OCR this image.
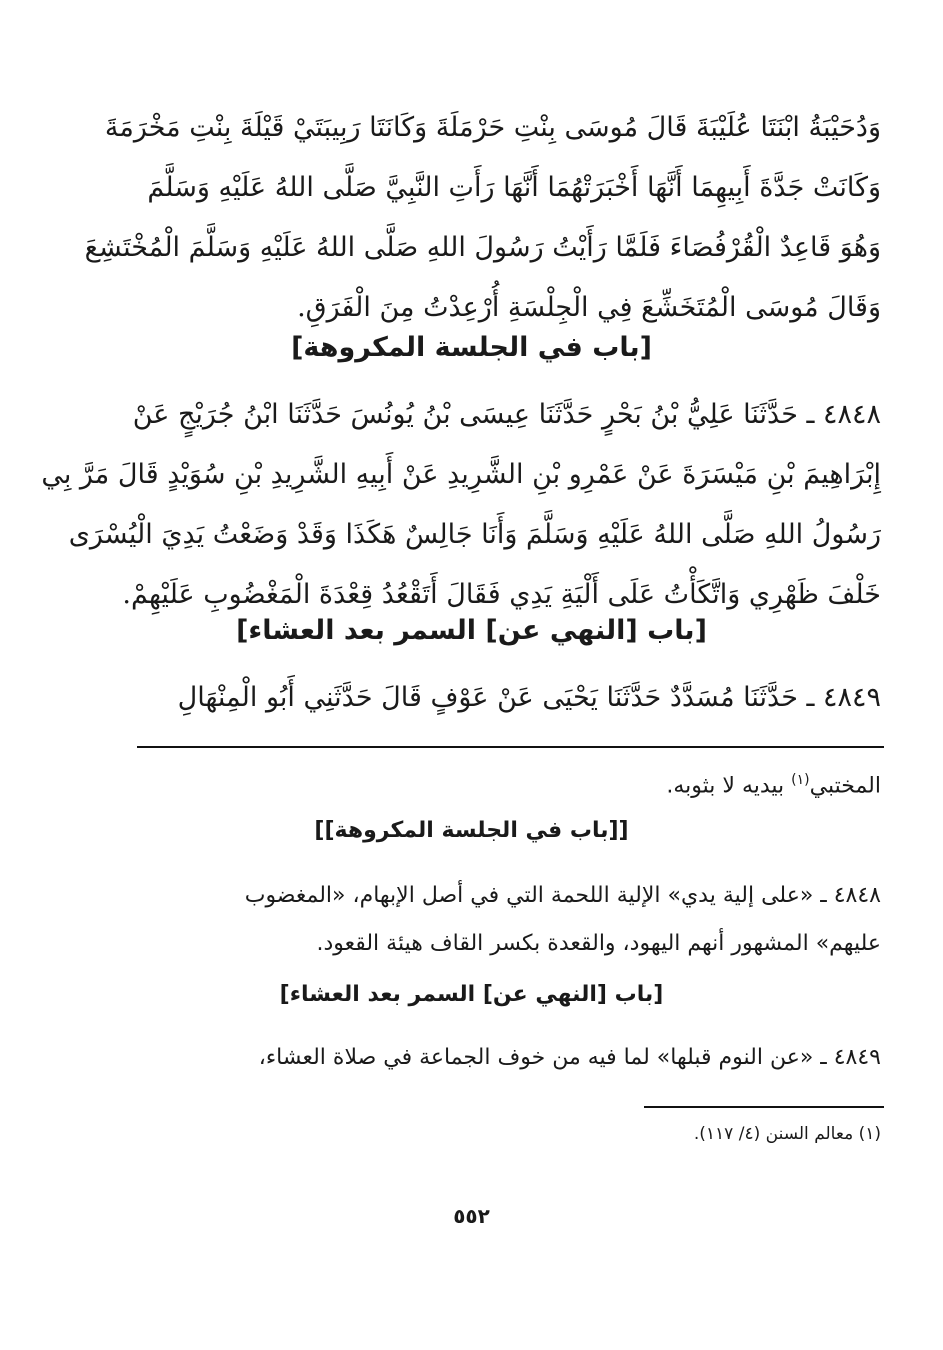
وَدُحَيْبَةُ ابْنَتَا عُلَيْبَةَ قَالَ مُوسَى بِنْتِ حَرْمَلَةَ وَكَانَتَا رَبِيبَتَيْ قَيْلَةَ بِنْتِ مَخْرَمَةَ
وَكَانَتْ جَدَّةَ أَبِيهِمَا أَنَّهَا أَخْبَرَتْهُمَا أَنَّهَا رَأَتِ النَّبِيَّ صَلَّى اللهُ عَلَيْهِ وَسَلَّمَ
وَهُوَ قَاعِدٌ الْقُرْفُصَاءَ فَلَمَّا رَأَيْتُ رَسُولَ اللهِ صَلَّى اللهُ عَلَيْهِ وَسَلَّمَ الْمُخْتَشِعَ
وَقَالَ مُوسَى الْمُتَخَشِّعَ فِي الْجِلْسَةِ أُرْعِدْتُ مِنَ الْفَرَقِ.
[باب في الجلسة المكروهة]
٤٨٤٨ ـ حَدَّثَنَا عَلِيُّ بْنُ بَحْرٍ حَدَّثَنَا عِيسَى بْنُ يُونُسَ حَدَّثَنَا ابْنُ جُرَيْجٍ عَنْ
إِبْرَاهِيمَ بْنِ مَيْسَرَةَ عَنْ عَمْرِو بْنِ الشَّرِيدِ عَنْ أَبِيهِ الشَّرِيدِ بْنِ سُوَيْدٍ قَالَ مَرَّ بِي
رَسُولُ اللهِ صَلَّى اللهُ عَلَيْهِ وَسَلَّمَ وَأَنَا جَالِسٌ هَكَذَا وَقَدْ وَضَعْتُ يَدِيَ الْيُسْرَى
خَلْفَ ظَهْرِي وَاتَّكَأْتُ عَلَى أَلْيَةِ يَدِي فَقَالَ أَتَقْعُدُ قِعْدَةَ الْمَغْضُوبِ عَلَيْهِمْ.
[باب [النهي عن] السمر بعد العشاء]
٤٨٤٩ ـ حَدَّثَنَا مُسَدَّدٌ حَدَّثَنَا يَحْيَى عَنْ عَوْفٍ قَالَ حَدَّثَنِي أَبُو الْمِنْهَالِ
المختبي$^{(١)}$ بيديه لا بثوبه.
[[باب في الجلسة المكروهة]]
٤٨٤٨ ـ «على إلية يدي» الإلية اللحمة التي في أصل الإبهام، «المغضوب
عليهم» المشهور أنهم اليهود، والقعدة بكسر القاف هيئة القعود.
[باب [النهي عن] السمر بعد العشاء]
٤٨٤٩ ـ «عن النوم قبلها» لما فيه من خوف الجماعة في صلاة العشاء،
(١) معالم السنن (٤/ ١١٧).
٥٥٢
